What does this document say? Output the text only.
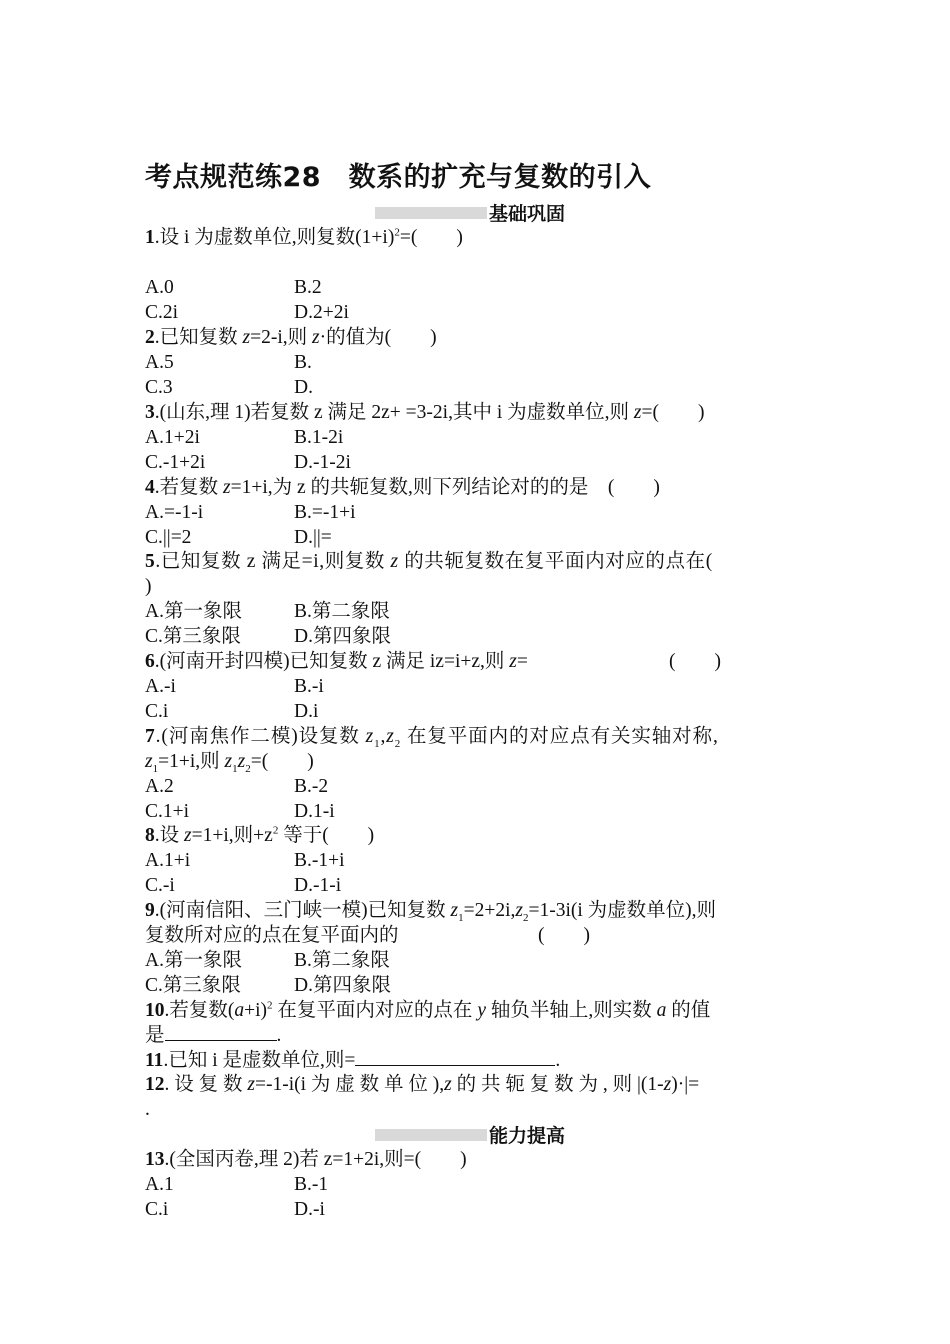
考点规范练28　数系的扩充与复数的引入
基础巩固
1.设 i 为虚数单位,则复数$(1+i)^2=$(　　)
A.0	B.2
C.2i	D.2+2i
2.已知复数 z=2-i,则 z·的值为(　　)
A.5	B.
C.3	D.
3.(山东,理 1)若复数 z 满足 2z+ =3-2i,其中 i 为虚数单位,则 z=(　　)
A.1+2i	B.1-2i
C.-1+2i	D.-1-2i
4.若复数 z=1+i,为 z 的共轭复数,则下列结论对的的是　(　　)
A.=-1-i	B.=-1+i
C.||=2	D.||=
5.已知复数 z 满足=i,则复数 z 的共轭复数在复平面内对应的点在(
)
A.第一象限	B.第二象限
C.第三象限	D.第四象限
6.(河南开封四模)已知复数 z 满足 iz=i+z,则 z=	(　　)
A.-i	B.-i
C.i	D.i
7.(河南焦作二模)设复数 $z_1,z_2$ 在复平面内的对应点有关实轴对称,
$z_1=1+i$,则 $z_1z_2=$(　　)
A.2	B.-2
C.1+i	D.1-i
8.设 z=1+i,则$+z^2$ 等于(　　)
A.1+i	B.-1+i
C.-i	D.-1-i
9.(河南信阳、三门峡一模)已知复数 $z_1=2+2i,z_2=1-3i(i$ 为虚数单位),则
复数所对应的点在复平面内的	(　　)
A.第一象限	B.第二象限
C.第三象限	D.第四象限
10.若复数$(a+i)^2$ 在复平面内对应的点在 y 轴负半轴上,则实数 a 的值
是	.
11.已知 i 是虚数单位,则=	.
12. 设 复 数 z=-1-i(i 为 虚 数 单 位 ),z 的 共 轭 复 数 为 , 则 |(1-z)·|=
.
能力提高
13.(全国丙卷,理 2)若 z=1+2i,则=(　　)
A.1	B.-1
C.i	D.-i
